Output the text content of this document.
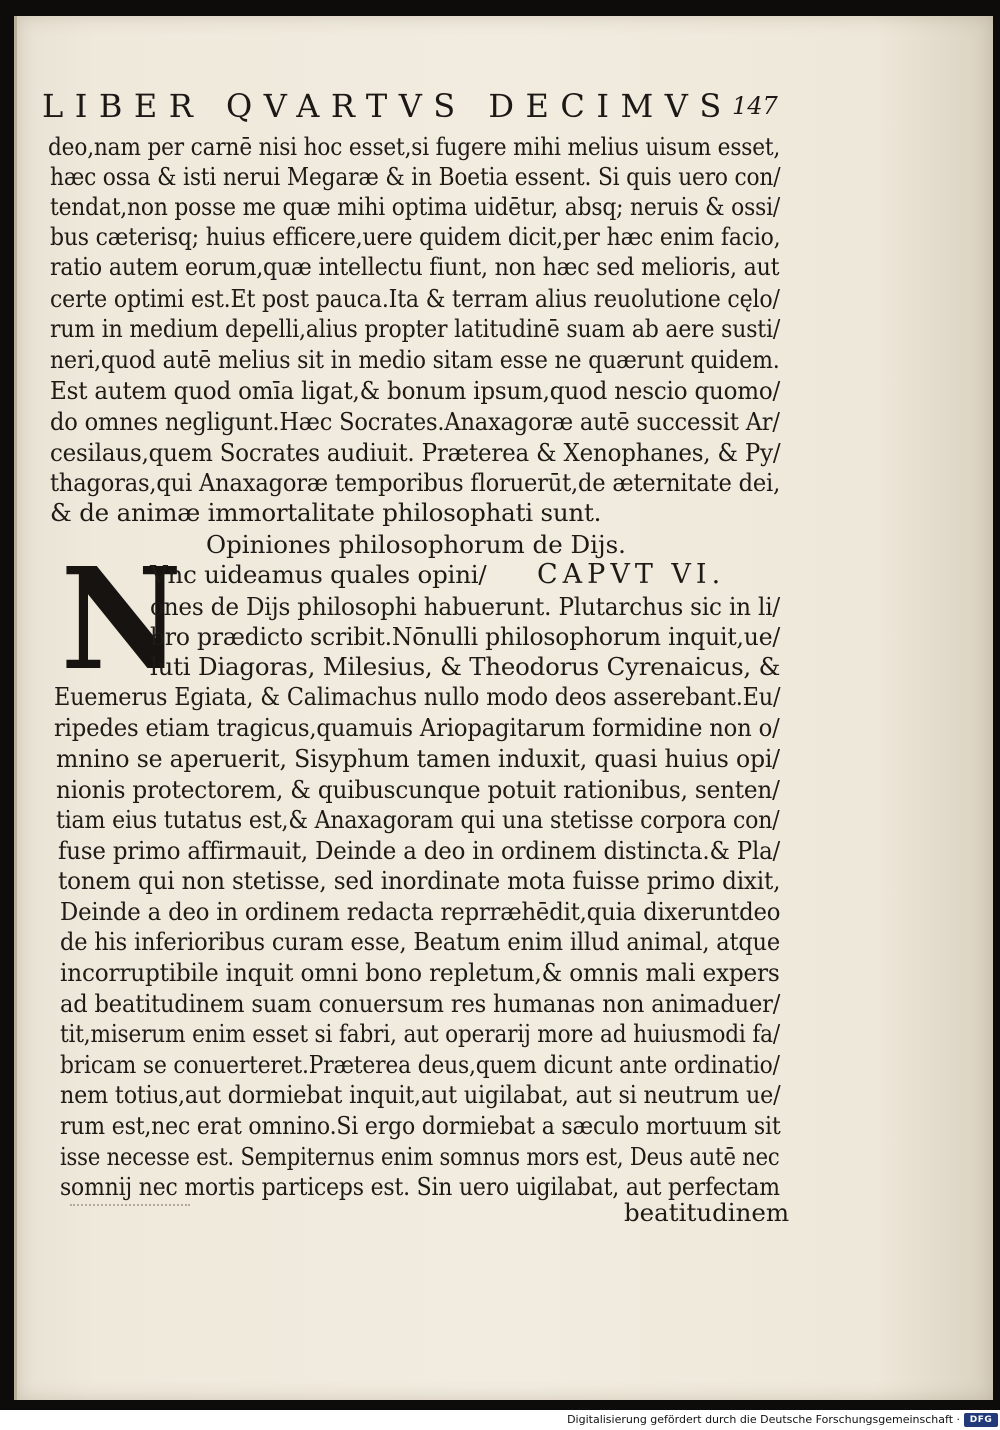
LIBER QVARTVS DECIMVS 147
deo,nam per carnē nisi hoc esset,si fugere mihi melius uisum esset,
hæc ossa & isti nerui Megaræ & in Boetia essent. Si quis uero con/
tendat,non posse me quæ mihi optima uidētur, absq; neruis & ossi/
bus cæterisq; huius efficere,uere quidem dicit,per hæc enim facio,
ratio autem eorum,quæ intellectu fiunt, non hæc sed melioris, aut
certe optimi est.Et post pauca.Ita & terram alius reuolutione cęlo/
rum in medium depelli,alius propter latitudinē suam ab aere susti/
neri,quod autē melius sit in medio sitam esse ne quærunt quidem.
Est autem quod omīa ligat,& bonum ipsum,quod nescio quomo/
do omnes negligunt.Hæc Socrates.Anaxagoræ autē successit Ar/
cesilaus,quem Socrates audiuit. Præterea & Xenophanes, & Py/
thagoras,qui Anaxagoræ temporibus floruerūt,de æternitate dei,
& de animæ immortalitate philosophati sunt.
Opiniones philosophorum de Dijs.
CAPVT VI.
N
Vnc uideamus quales opini/
ones de Dijs philosophi habuerunt. Plutarchus sic in li/
bro prædicto scribit.Nōnulli philosophorum inquit,ue/
luti Diagoras, Milesius, & Theodorus Cyrenaicus, &
Euemerus Egiata, & Calimachus nullo modo deos asserebant.Eu/
ripedes etiam tragicus,quamuis Ariopagitarum formidine non o/
mnino se aperuerit, Sisyphum tamen induxit, quasi huius opi/
nionis protectorem, & quibuscunque potuit rationibus, senten/
tiam eius tutatus est,& Anaxagoram qui una stetisse corpora con/
fuse primo affirmauit, Deinde a deo in ordinem distincta.& Pla/
tonem qui non stetisse, sed inordinate mota fuisse primo dixit,
Deinde a deo in ordinem redacta reprræhēdit,quia dixeruntdeo
de his inferioribus curam esse, Beatum enim illud animal, atque
incorruptibile inquit omni bono repletum,& omnis mali expers
ad beatitudinem suam conuersum res humanas non animaduer/
tit,miserum enim esset si fabri, aut operarij more ad huiusmodi fa/
bricam se conuerteret.Præterea deus,quem dicunt ante ordinatio/
nem totius,aut dormiebat inquit,aut uigilabat, aut si neutrum ue/
rum est,nec erat omnino.Si ergo dormiebat a sæculo mortuum sit
isse necesse est. Sempiternus enim somnus mors est, Deus autē nec
somnij nec mortis particeps est. Sin uero uigilabat, aut perfectam
beatitudinem
Digitalisierung gefördert durch die Deutsche Forschungsgemeinschaft ·	DFG
